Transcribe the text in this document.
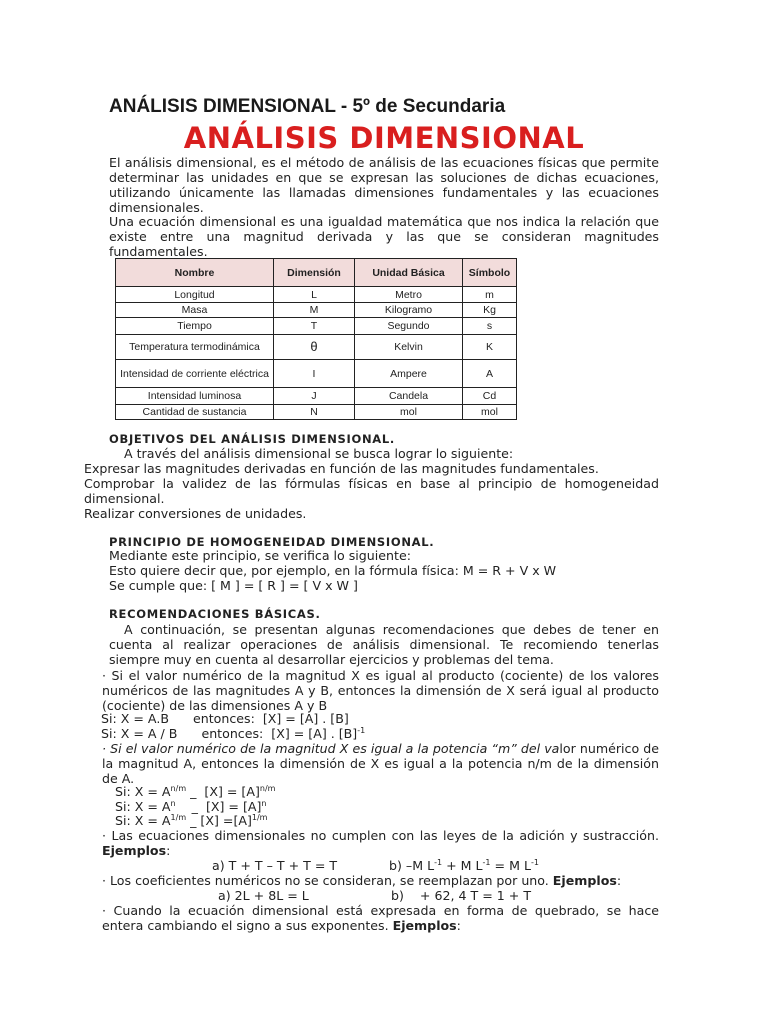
ANÁLISIS DIMENSIONAL - 5º de Secundaria
ANÁLISIS DIMENSIONAL
El análisis dimensional, es el método de análisis de las ecuaciones físicas que permite determinar las unidades en que se expresan las soluciones de dichas ecuaciones, utilizando únicamente las llamadas dimensiones fundamentales y las ecuaciones dimensionales.
Una ecuación dimensional es una igualdad matemática que nos indica la relación que existe entre una magnitud derivada y las que se consideran magnitudes fundamentales.
Nombre	Dimensión	Unidad Básica	Símbolo
Longitud	L	Metro	m
Masa	M	Kilogramo	Kg
Tiempo	T	Segundo	s
Temperatura termodinámica	θ	Kelvin	K
Intensidad de corriente eléctrica	I	Ampere	A
Intensidad luminosa	J	Candela	Cd
Cantidad de sustancia	N	mol	mol
OBJETIVOS DEL ANÁLISIS DIMENSIONAL.
A través del análisis dimensional se busca lograr lo siguiente:
Expresar las magnitudes derivadas en función de las magnitudes fundamentales.
Comprobar la validez de las fórmulas físicas en base al principio de homogeneidad dimensional.
Realizar conversiones de unidades.
PRINCIPIO DE HOMOGENEIDAD DIMENSIONAL.
Mediante este principio, se verifica lo siguiente:
Esto quiere decir que, por ejemplo, en la fórmula física: M = R + V x W
Se cumple que: [ M ] = [ R ] = [ V x W ]
RECOMENDACIONES BÁSICAS.
A continuación, se presentan algunas recomendaciones que debes de tener en cuenta al realizar operaciones de análisis dimensional. Te recomiendo tenerlas siempre muy en cuenta al desarrollar ejercicios y problemas del tema.
· Si el valor numérico de la magnitud X es igual al producto (cociente) de los valores numéricos de las magnitudes A y B, entonces la dimensión de X será igual al producto (cociente) de las dimensiones A y B
Si: X = A.B      entonces:  [X] = [A] . [B]
Si: X = A / B      entonces:  [X] = [A] . $[B]^{-1}$
· Si el valor numérico de la magnitud X es igual a la potencia “m” del valor numérico de la magnitud A, entonces la dimensión de X es igual a la potencia n/m de la dimensión de A.
Si: $X = A^{n/m}$ _  $[X] = [A]^{n/m}$
Si: $X = A^n$    _  $[X] = [A]^n$
Si: $X = A^{1/m}$ _ $[X] =[A]^{1/m}$
· Las ecuaciones dimensionales no cumplen con las leyes de la adición y sustracción. Ejemplos:
a) T + T – T + T = T	b) –M $L^{-1} + M$ $L^{-1} = M$ $L^{-1}$
· Los coeficientes numéricos no se consideran, se reemplazan por uno. Ejemplos:
a) 2L + 8L = L	b)    + 62, 4 T = 1 + T
· Cuando la ecuación dimensional está expresada en forma de quebrado, se hace entera cambiando el signo a sus exponentes. Ejemplos:
